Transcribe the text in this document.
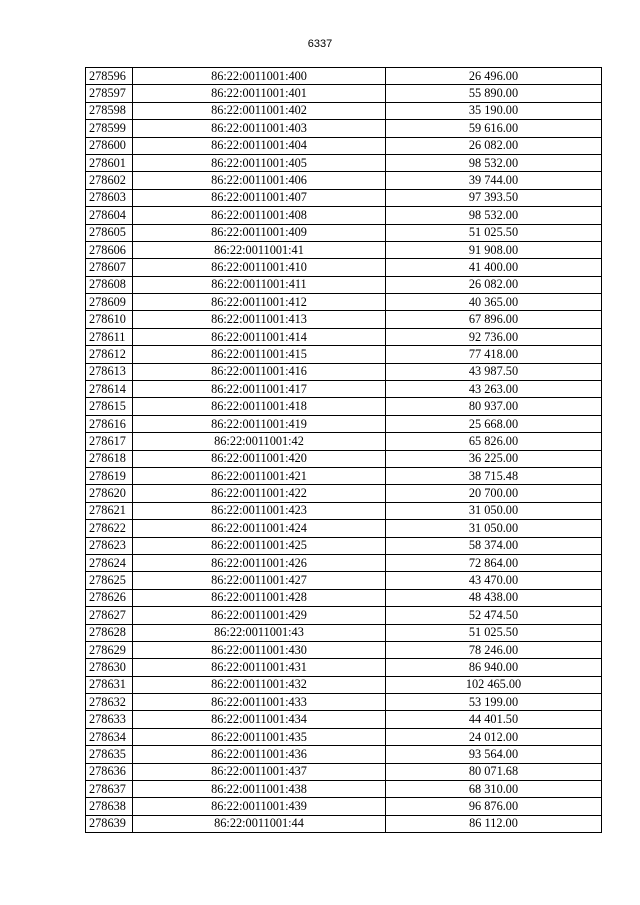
6337
278596	86:22:0011001:400	26 496.00
278597	86:22:0011001:401	55 890.00
278598	86:22:0011001:402	35 190.00
278599	86:22:0011001:403	59 616.00
278600	86:22:0011001:404	26 082.00
278601	86:22:0011001:405	98 532.00
278602	86:22:0011001:406	39 744.00
278603	86:22:0011001:407	97 393.50
278604	86:22:0011001:408	98 532.00
278605	86:22:0011001:409	51 025.50
278606	86:22:0011001:41	91 908.00
278607	86:22:0011001:410	41 400.00
278608	86:22:0011001:411	26 082.00
278609	86:22:0011001:412	40 365.00
278610	86:22:0011001:413	67 896.00
278611	86:22:0011001:414	92 736.00
278612	86:22:0011001:415	77 418.00
278613	86:22:0011001:416	43 987.50
278614	86:22:0011001:417	43 263.00
278615	86:22:0011001:418	80 937.00
278616	86:22:0011001:419	25 668.00
278617	86:22:0011001:42	65 826.00
278618	86:22:0011001:420	36 225.00
278619	86:22:0011001:421	38 715.48
278620	86:22:0011001:422	20 700.00
278621	86:22:0011001:423	31 050.00
278622	86:22:0011001:424	31 050.00
278623	86:22:0011001:425	58 374.00
278624	86:22:0011001:426	72 864.00
278625	86:22:0011001:427	43 470.00
278626	86:22:0011001:428	48 438.00
278627	86:22:0011001:429	52 474.50
278628	86:22:0011001:43	51 025.50
278629	86:22:0011001:430	78 246.00
278630	86:22:0011001:431	86 940.00
278631	86:22:0011001:432	102 465.00
278632	86:22:0011001:433	53 199.00
278633	86:22:0011001:434	44 401.50
278634	86:22:0011001:435	24 012.00
278635	86:22:0011001:436	93 564.00
278636	86:22:0011001:437	80 071.68
278637	86:22:0011001:438	68 310.00
278638	86:22:0011001:439	96 876.00
278639	86:22:0011001:44	86 112.00
